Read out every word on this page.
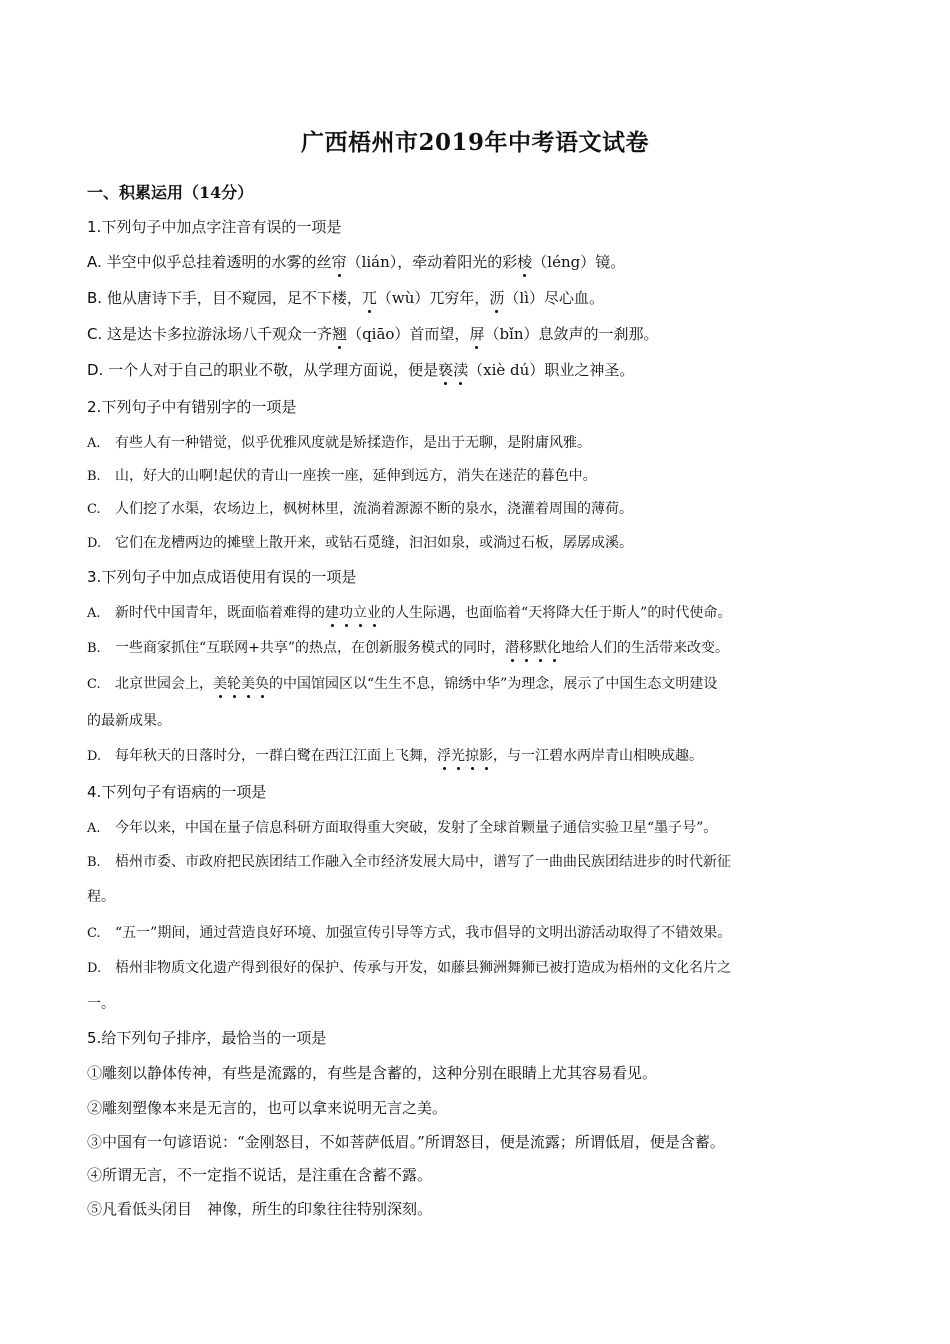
广西梧州市2019年中考语文试卷
一、积累运用（14分）
1.下列句子中加点字注音有误的一项是
A. 半空中似乎总挂着透明的水雾的丝帘（lián），牵动着阳光的彩棱（léng）镜。
B. 他从唐诗下手，目不窥园，足不下楼，兀（wù）兀穷年，沥（lì）尽心血。
C. 这是达卡多拉游泳场八千观众一齐翘（qiāo）首而望，屏（bǐn）息敛声的一刹那。
D. 一个人对于自己的职业不敬，从学理方面说，便是亵渎（xiè dú）职业之神圣。
2.下列句子中有错别字的一项是
A. 有些人有一种错觉，似乎优雅风度就是矫揉造作，是出于无聊，是附庸风雅。
B. 山，好大的山啊!起伏的青山一座挨一座，延伸到远方，消失在迷茫的暮色中。
C. 人们挖了水渠，农场边上，枫树林里，流淌着源源不断的泉水，浇灌着周围的薄荷。
D. 它们在龙槽两边的摊壁上散开来，或钻石觅缝，汩汩如泉，或淌过石板，孱孱成溪。
3.下列句子中加点成语使用有误的一项是
A. 新时代中国青年，既面临着难得的建功立业的人生际遇，也面临着“天将降大任于斯人”的时代使命。
B. 一些商家抓住“互联网+共享”的热点，在创新服务模式的同时，潜移默化地给人们的生活带来改变。
C. 北京世园会上，美轮美奂的中国馆园区以“生生不息，锦绣中华”为理念，展示了中国生态文明建设
的最新成果。
D. 每年秋天的日落时分，一群白鹭在西江江面上飞舞，浮光掠影，与一江碧水两岸青山相映成趣。
4.下列句子有语病的一项是
A. 今年以来，中国在量子信息科研方面取得重大突破，发射了全球首颗量子通信实验卫星“墨子号”。
B. 梧州市委、市政府把民族团结工作融入全市经济发展大局中，谱写了一曲曲民族团结进步的时代新征
程。
C. “五一”期间，通过营造良好环境、加强宣传引导等方式，我市倡导的文明出游活动取得了不错效果。
D. 梧州非物质文化遗产得到很好的保护、传承与开发，如藤县狮洲舞狮已被打造成为梧州的文化名片之
一。
5.给下列句子排序，最恰当的一项是
①雕刻以静体传神，有些是流露的，有些是含蓄的，这种分别在眼睛上尤其容易看见。
②雕刻塑像本来是无言的，也可以拿来说明无言之美。
③中国有一句谚语说：“金刚怒目，不如菩萨低眉。”所谓怒目，便是流露；所谓低眉，便是含蓄。
④所谓无言，不一定指不说话，是注重在含蓄不露。
⑤凡看低头闭目　神像，所生的印象往往特别深刻。
